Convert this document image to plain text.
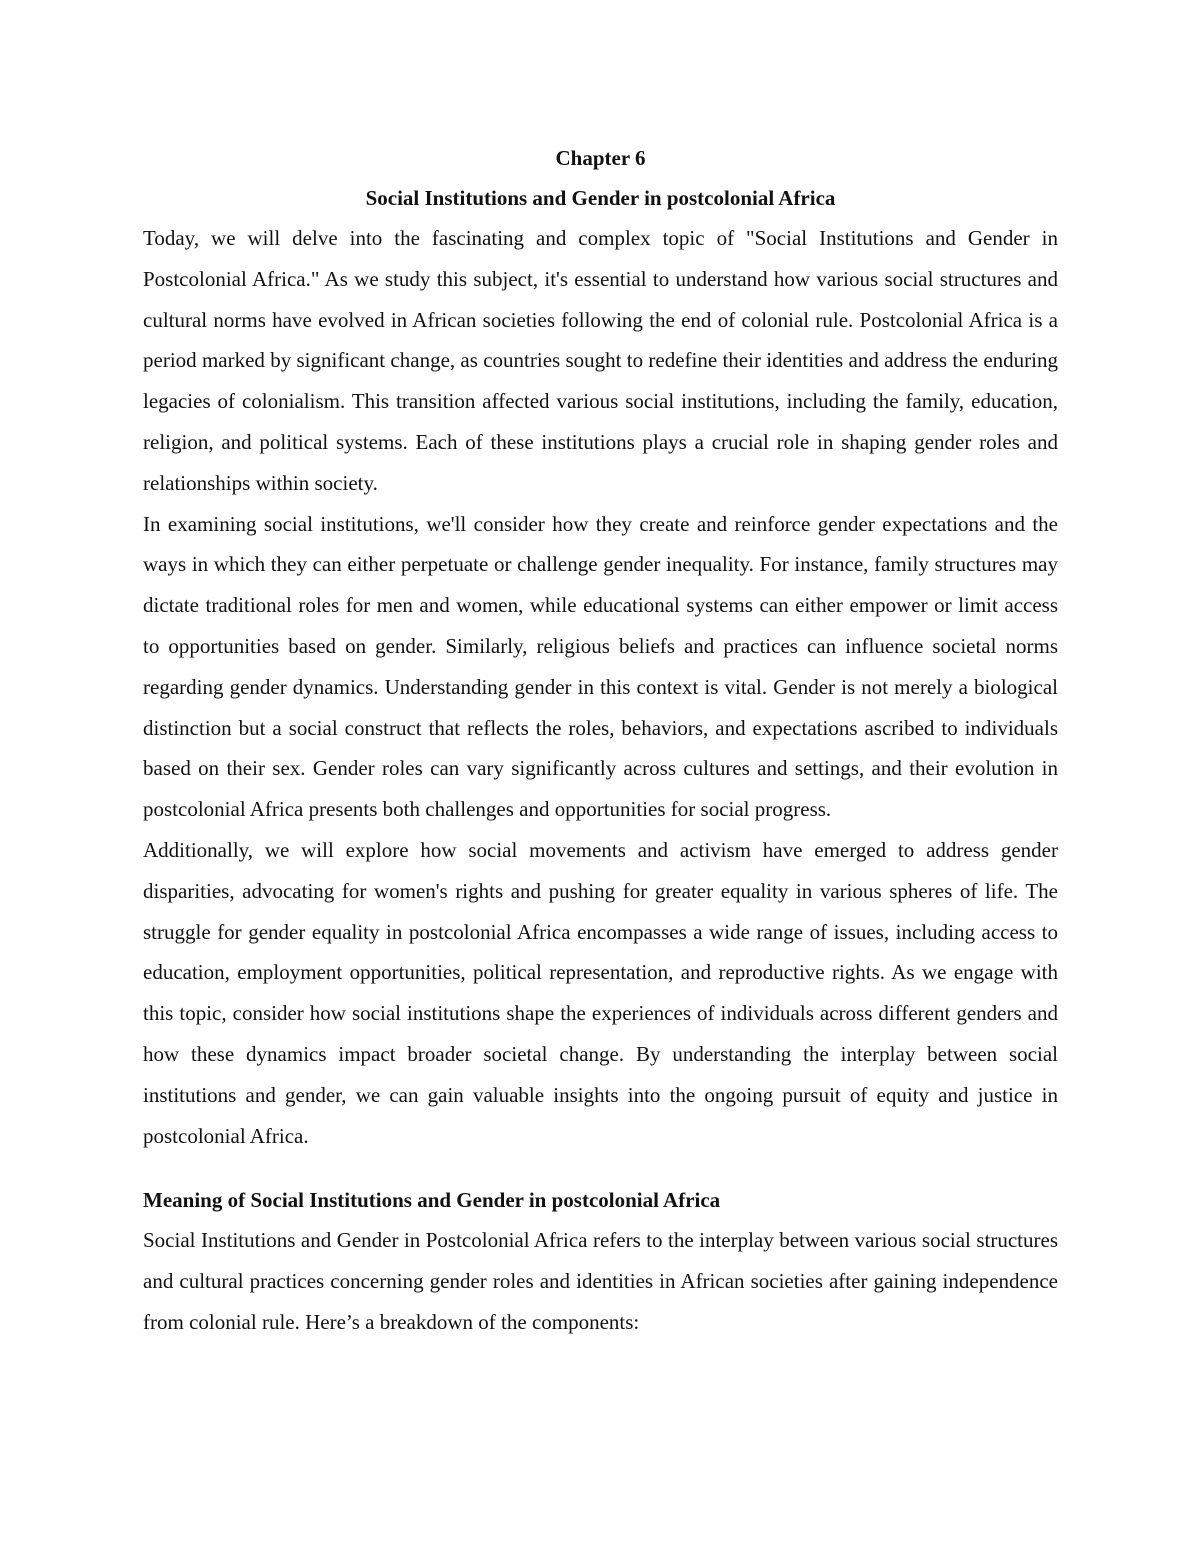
Chapter 6
Social Institutions and Gender in postcolonial Africa

Today, we will delve into the fascinating and complex topic of "Social Institutions and Gender in Postcolonial Africa." As we study this subject, it's essential to understand how various social structures and cultural norms have evolved in African societies following the end of colonial rule. Postcolonial Africa is a period marked by significant change, as countries sought to redefine their identities and address the enduring legacies of colonialism. This transition affected various social institutions, including the family, education, religion, and political systems. Each of these institutions plays a crucial role in shaping gender roles and relationships within society.

In examining social institutions, we'll consider how they create and reinforce gender expectations and the ways in which they can either perpetuate or challenge gender inequality. For instance, family structures may dictate traditional roles for men and women, while educational systems can either empower or limit access to opportunities based on gender. Similarly, religious beliefs and practices can influence societal norms regarding gender dynamics. Understanding gender in this context is vital. Gender is not merely a biological distinction but a social construct that reflects the roles, behaviors, and expectations ascribed to individuals based on their sex. Gender roles can vary significantly across cultures and settings, and their evolution in postcolonial Africa presents both challenges and opportunities for social progress.

Additionally, we will explore how social movements and activism have emerged to address gender disparities, advocating for women's rights and pushing for greater equality in various spheres of life. The struggle for gender equality in postcolonial Africa encompasses a wide range of issues, including access to education, employment opportunities, political representation, and reproductive rights. As we engage with this topic, consider how social institutions shape the experiences of individuals across different genders and how these dynamics impact broader societal change. By understanding the interplay between social institutions and gender, we can gain valuable insights into the ongoing pursuit of equity and justice in postcolonial Africa.

Meaning of Social Institutions and Gender in postcolonial Africa

Social Institutions and Gender in Postcolonial Africa refers to the interplay between various social structures and cultural practices concerning gender roles and identities in African societies after gaining independence from colonial rule. Here’s a breakdown of the components:
